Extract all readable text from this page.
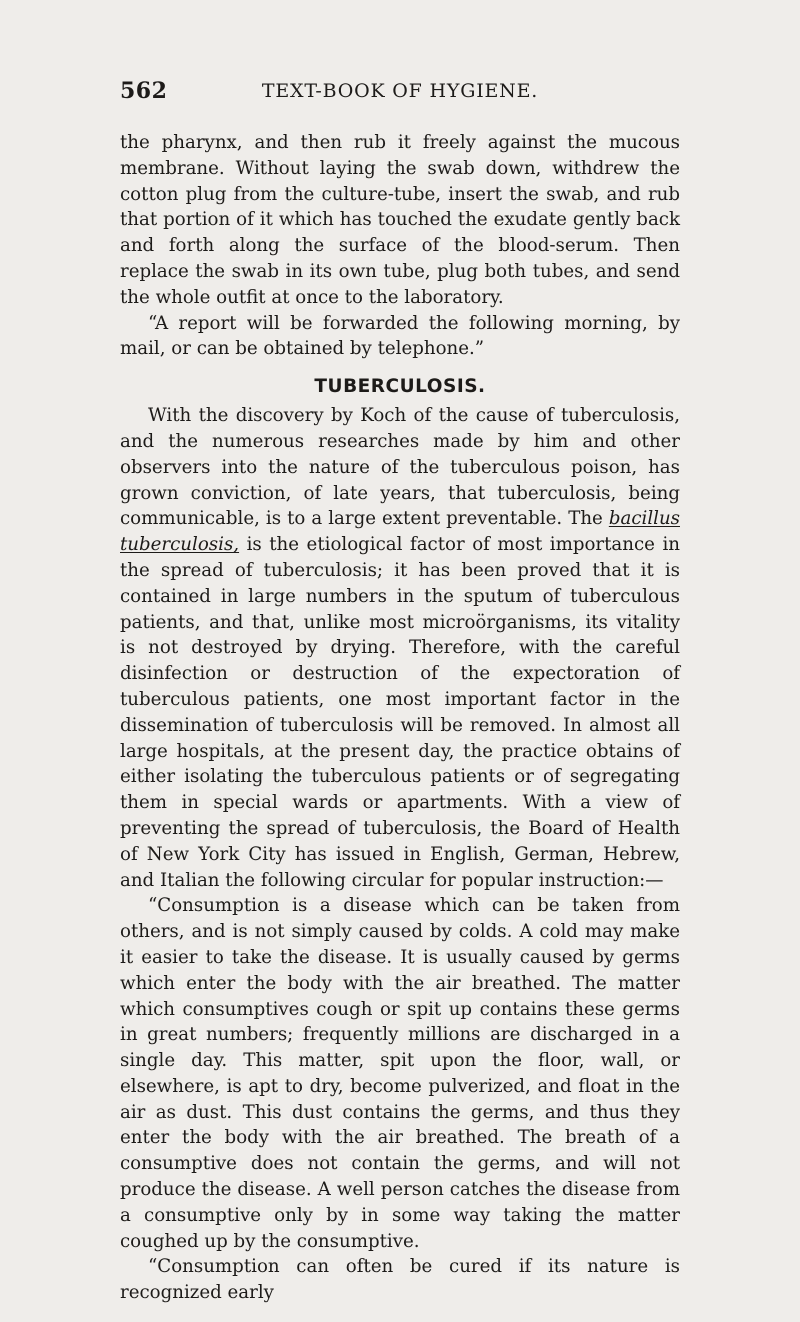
562	TEXT-BOOK OF HYGIENE.

the pharynx, and then rub it freely against the mucous membrane. Without laying the swab down, withdrew the cotton plug from the culture-tube, insert the swab, and rub that portion of it which has touched the exudate gently back and forth along the surface of the blood-serum. Then replace the swab in its own tube, plug both tubes, and send the whole outfit at once to the laboratory.

“A report will be forwarded the following morning, by mail, or can be obtained by telephone.”

TUBERCULOSIS.

With the discovery by Koch of the cause of tuberculosis, and the numerous researches made by him and other observers into the nature of the tuberculous poison, has grown conviction, of late years, that tuberculosis, being communicable, is to a large extent preventable. The bacillus tuberculosis, is the etiological factor of most importance in the spread of tuberculosis; it has been proved that it is contained in large numbers in the sputum of tuberculous patients, and that, unlike most microörganisms, its vitality is not destroyed by drying. Therefore, with the careful disinfection or destruction of the expectoration of tuberculous patients, one most important factor in the dissemination of tuberculosis will be removed. In almost all large hospitals, at the present day, the practice obtains of either isolating the tuberculous patients or of segregating them in special wards or apartments. With a view of preventing the spread of tuberculosis, the Board of Health of New York City has issued in English, German, Hebrew, and Italian the following circular for popular instruction:—

“Consumption is a disease which can be taken from others, and is not simply caused by colds. A cold may make it easier to take the disease. It is usually caused by germs which enter the body with the air breathed. The matter which consumptives cough or spit up contains these germs in great numbers; frequently millions are discharged in a single day. This matter, spit upon the floor, wall, or elsewhere, is apt to dry, become pulverized, and float in the air as dust. This dust contains the germs, and thus they enter the body with the air breathed. The breath of a consumptive does not contain the germs, and will not produce the disease. A well person catches the disease from a consumptive only by in some way taking the matter coughed up by the consumptive.

“Consumption can often be cured if its nature is recognized early
